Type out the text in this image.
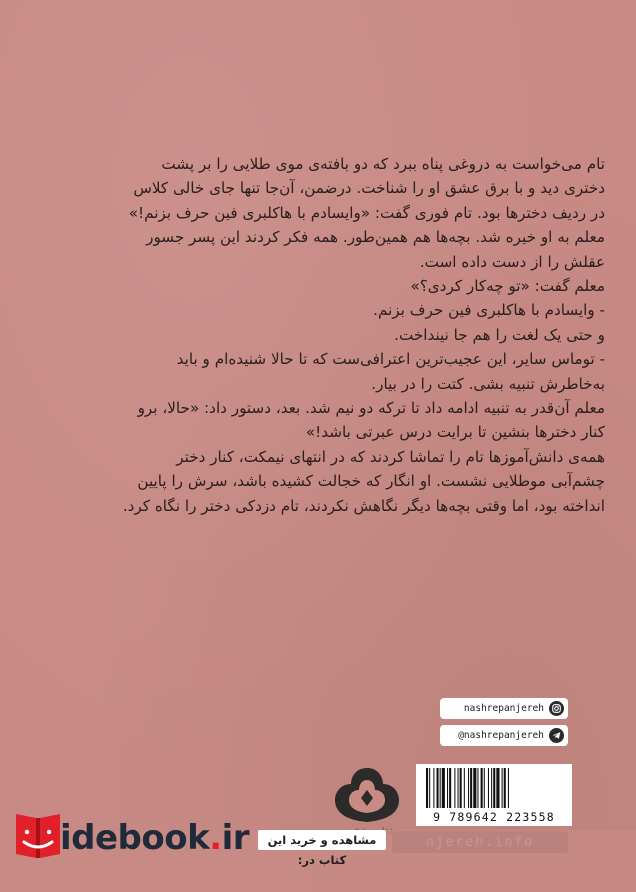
تام می‌خواست به دروغی پناه ببرد که دو بافته‌ی موی طلایی را بر پشت دختری دید و با برق عشق او را شناخت. درضمن، آن‌جا تنها جای خالی کلاس در ردیف دخترها بود. تام فوری گفت: «وایسادم با هاکلبری فین حرف بزنم!»

معلم به او خیره شد. بچه‌ها هم همین‌طور. همه فکر کردند این پسر جسور عقلش را از دست داده است.

معلم گفت: «تو چه‌کار کردی؟»

- وایسادم با هاکلبری فین حرف بزنم.

و حتی یک لغت را هم جا نینداخت.

- توماس سایر، این عجیب‌ترین اعترافی‌ست که تا حالا شنیده‌ام و باید به‌خاطرش تنبیه بشی. کتت را در بیار.

معلم آن‌قدر به تنبیه ادامه داد تا ترکه دو نیم شد. بعد، دستور داد: «حالا، برو کنار دخترها بنشین تا برایت درس عبرتی باشد!»

همه‌ی دانش‌آموزها تام را تماشا کردند که در انتهای نیمکت، کنار دختر چشم‌آبی موطلایی نشست. او انگار که خجالت کشیده باشد، سرش را پایین انداخته بود، اما وقتی بچه‌ها دیگر نگاهش نکردند، تام دزدکی دختر را نگاه کرد.

nashrepanjereh
@nashrepanjereh
9 789642 223558
idebook.ir	مشاهده و خرید این کتاب در:
